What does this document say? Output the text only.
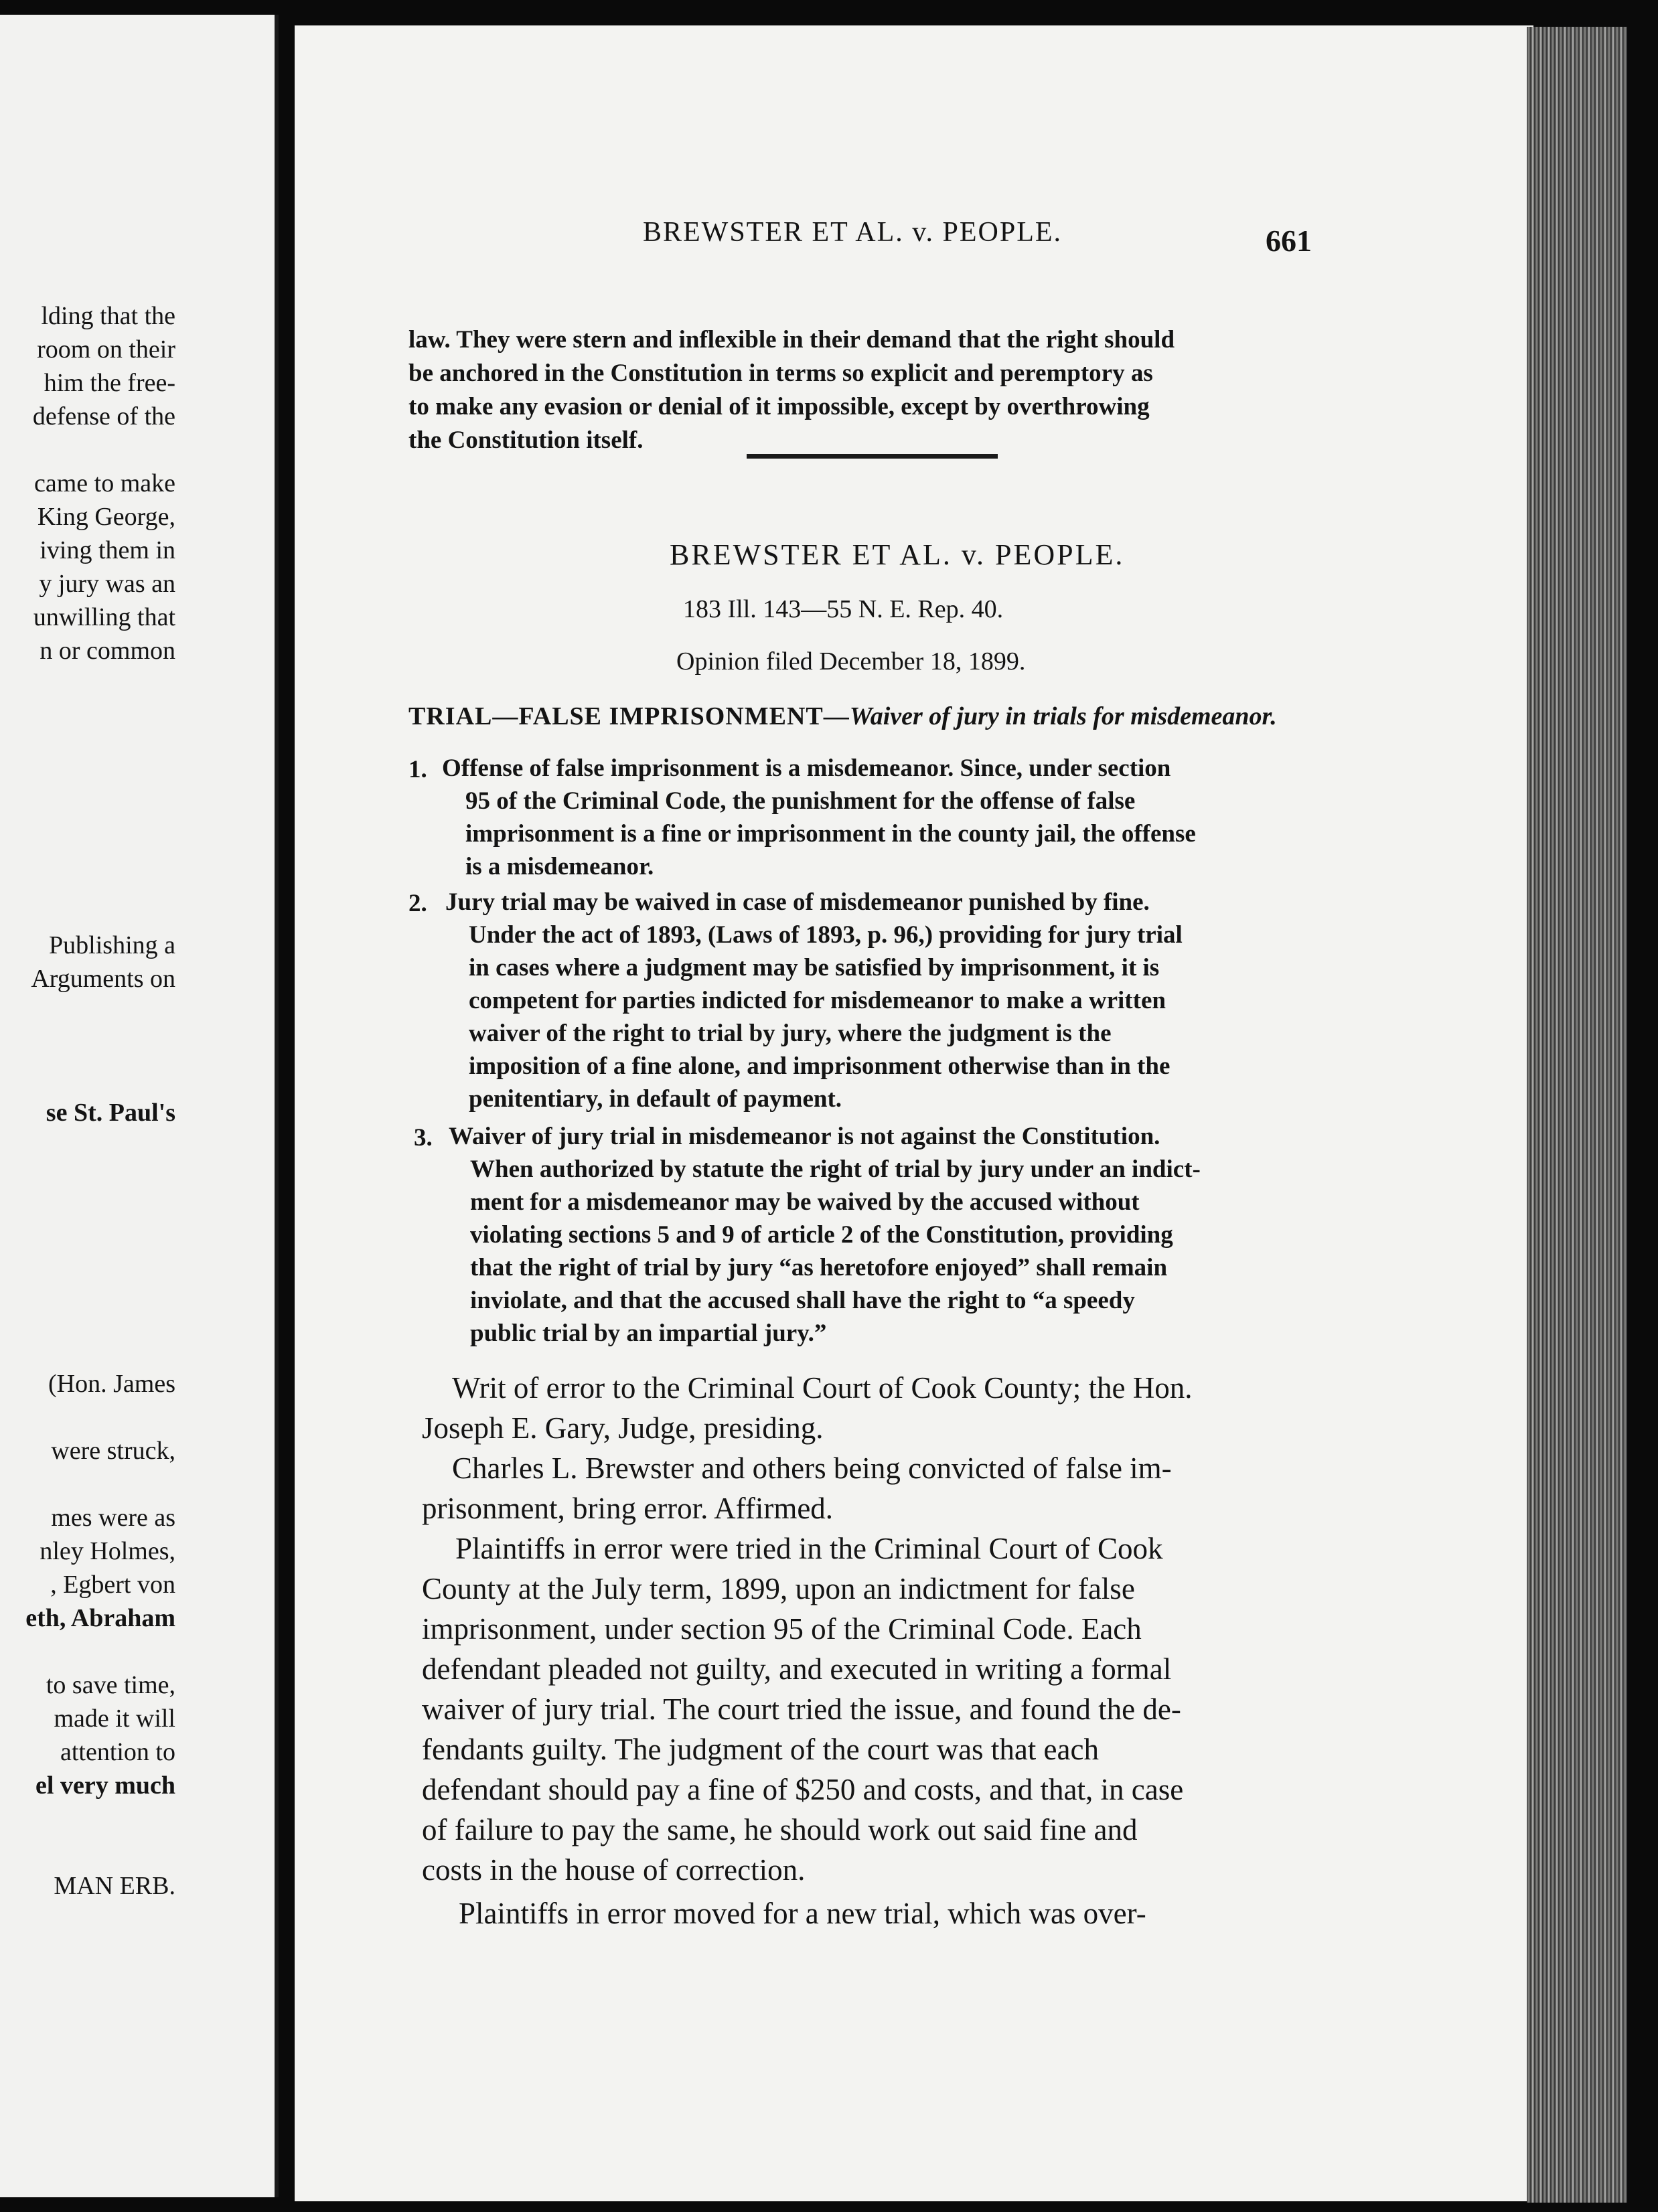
lding that the
room on their
him the free-
defense of the
came to make
King George,
iving them in
y jury was an
unwilling that
n or common
Publishing a
Arguments on
se St. Paul's
(Hon. James
were struck,
mes were as
nley Holmes,
, Egbert von
eth, Abraham
to save time,
made it will
attention to
el very much
MAN ERB.
BREWSTER ET AL. v. PEOPLE.	661
law. They were stern and inflexible in their demand that the right should
be anchored in the Constitution in terms so explicit and peremptory as
to make any evasion or denial of it impossible, except by overthrowing
the Constitution itself.
BREWSTER ET AL. v. PEOPLE.
183 Ill. 143—55 N. E. Rep. 40.
Opinion filed December 18, 1899.
TRIAL—FALSE IMPRISONMENT—Waiver of jury in trials for misdemeanor.
1. Offense of false imprisonment is a misdemeanor. Since, under section
95 of the Criminal Code, the punishment for the offense of false
imprisonment is a fine or imprisonment in the county jail, the offense
is a misdemeanor.
2. Jury trial may be waived in case of misdemeanor punished by fine.
Under the act of 1893, (Laws of 1893, p. 96,) providing for jury trial
in cases where a judgment may be satisfied by imprisonment, it is
competent for parties indicted for misdemeanor to make a written
waiver of the right to trial by jury, where the judgment is the
imposition of a fine alone, and imprisonment otherwise than in the
penitentiary, in default of payment.
3. Waiver of jury trial in misdemeanor is not against the Constitution.
When authorized by statute the right of trial by jury under an indict-
ment for a misdemeanor may be waived by the accused without
violating sections 5 and 9 of article 2 of the Constitution, providing
that the right of trial by jury “as heretofore enjoyed” shall remain
inviolate, and that the accused shall have the right to “a speedy
public trial by an impartial jury.”
Writ of error to the Criminal Court of Cook County; the Hon.
Joseph E. Gary, Judge, presiding.
Charles L. Brewster and others being convicted of false im-
prisonment, bring error. Affirmed.
Plaintiffs in error were tried in the Criminal Court of Cook
County at the July term, 1899, upon an indictment for false
imprisonment, under section 95 of the Criminal Code. Each
defendant pleaded not guilty, and executed in writing a formal
waiver of jury trial. The court tried the issue, and found the de-
fendants guilty. The judgment of the court was that each
defendant should pay a fine of $250 and costs, and that, in case
of failure to pay the same, he should work out said fine and
costs in the house of correction.
Plaintiffs in error moved for a new trial, which was over-
